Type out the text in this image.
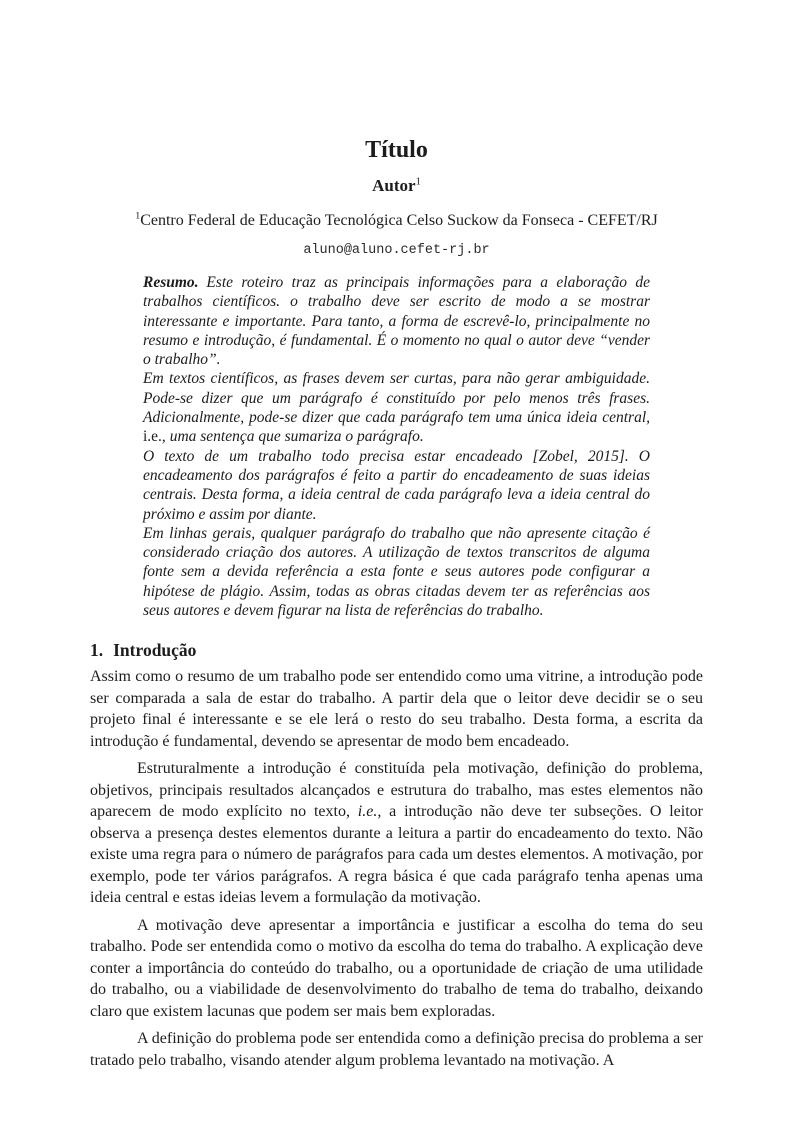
Título
Autor$^1$
$^1$Centro Federal de Educação Tecnológica Celso Suckow da Fonseca - CEFET/RJ
aluno@aluno.cefet-rj.br

Resumo. Este roteiro traz as principais informações para a elaboração de trabalhos científicos. o trabalho deve ser escrito de modo a se mostrar interessante e importante. Para tanto, a forma de escrevê-lo, principalmente no resumo e introdução, é fundamental. É o momento no qual o autor deve “vender o trabalho”.

Em textos científicos, as frases devem ser curtas, para não gerar ambiguidade. Pode-se dizer que um parágrafo é constituído por pelo menos três frases. Adicionalmente, pode-se dizer que cada parágrafo tem uma única ideia central, i.e., uma sentença que sumariza o parágrafo.

O texto de um trabalho todo precisa estar encadeado [Zobel, 2015]. O encadeamento dos parágrafos é feito a partir do encadeamento de suas ideias centrais. Desta forma, a ideia central de cada parágrafo leva a ideia central do próximo e assim por diante.

Em linhas gerais, qualquer parágrafo do trabalho que não apresente citação é considerado criação dos autores. A utilização de textos transcritos de alguma fonte sem a devida referência a esta fonte e seus autores pode configurar a hipótese de plágio. Assim, todas as obras citadas devem ter as referências aos seus autores e devem figurar na lista de referências do trabalho.

1. Introdução

Assim como o resumo de um trabalho pode ser entendido como uma vitrine, a introdução pode ser comparada a sala de estar do trabalho. A partir dela que o leitor deve decidir se o seu projeto final é interessante e se ele lerá o resto do seu trabalho. Desta forma, a escrita da introdução é fundamental, devendo se apresentar de modo bem encadeado.

Estruturalmente a introdução é constituída pela motivação, definição do problema, objetivos, principais resultados alcançados e estrutura do trabalho, mas estes elementos não aparecem de modo explícito no texto, i.e., a introdução não deve ter subseções. O leitor observa a presença destes elementos durante a leitura a partir do encadeamento do texto. Não existe uma regra para o número de parágrafos para cada um destes elementos. A motivação, por exemplo, pode ter vários parágrafos. A regra básica é que cada parágrafo tenha apenas uma ideia central e estas ideias levem a formulação da motivação.

A motivação deve apresentar a importância e justificar a escolha do tema do seu trabalho. Pode ser entendida como o motivo da escolha do tema do trabalho. A explicação deve conter a importância do conteúdo do trabalho, ou a oportunidade de criação de uma utilidade do trabalho, ou a viabilidade de desenvolvimento do trabalho de tema do trabalho, deixando claro que existem lacunas que podem ser mais bem exploradas.

A definição do problema pode ser entendida como a definição precisa do problema a ser tratado pelo trabalho, visando atender algum problema levantado na motivação. A
